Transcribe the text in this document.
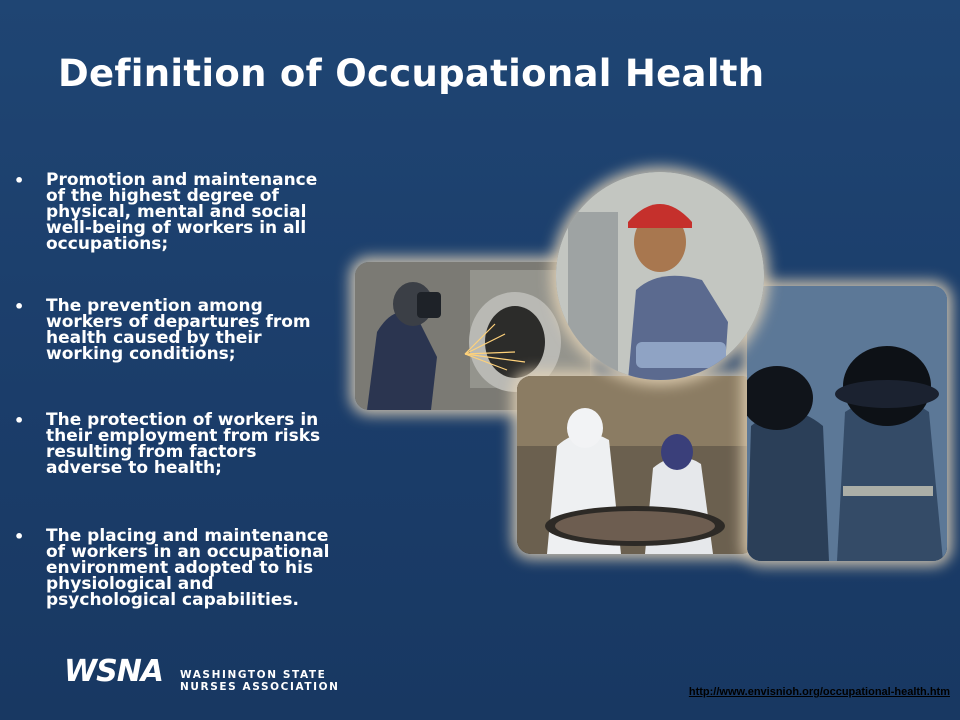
Definition of Occupational Health
• Promotion and maintenance
of the highest degree of
physical, mental and social
well-being of workers in all
occupations;
• The prevention among
workers of departures from
health caused by their
working conditions;
• The protection of workers in
their employment from risks
resulting from factors
adverse to health;
• The placing and maintenance
of workers in an occupational
environment adopted to his
physiological and
psychological capabilities.
WSNA WASHINGTON STATE
NURSES ASSOCIATION	http://www.envisnioh.org/occupational-health.htm
